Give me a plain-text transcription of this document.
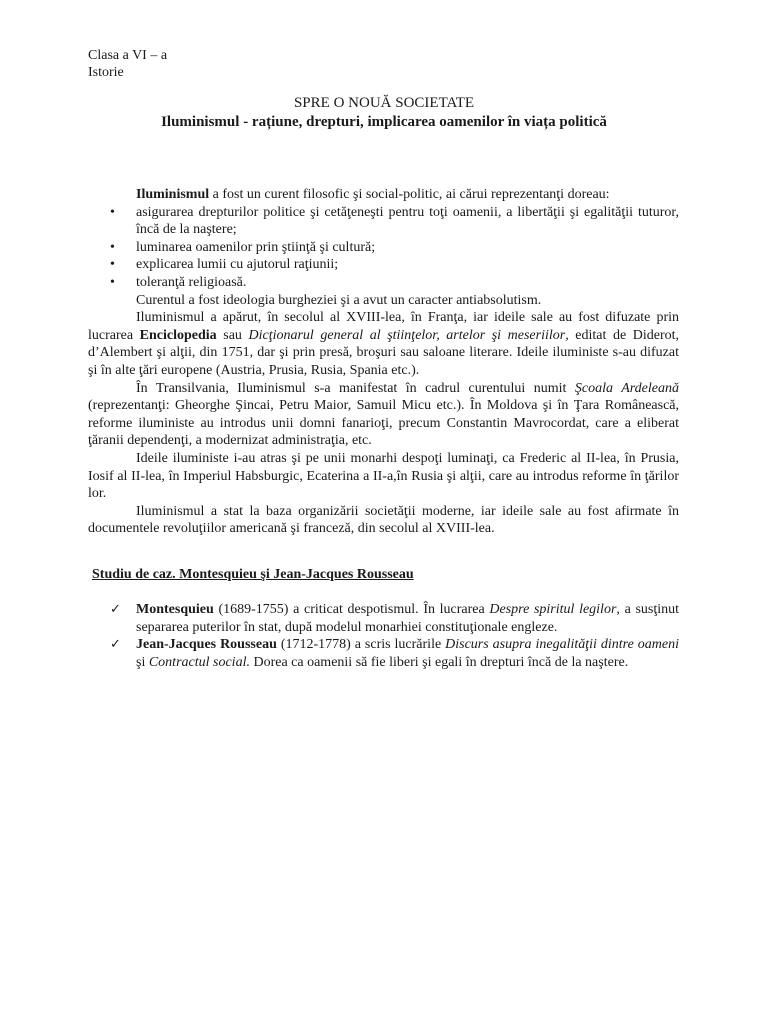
Clasa a VI – a
Istorie
SPRE O NOUĂ SOCIETATE
Iluminismul - rațiune, drepturi, implicarea oamenilor în viața politică

Iluminismul a fost un curent filosofic şi social-politic, ai cărui reprezentanţi doreau:

• asigurarea drepturilor politice şi cetăţeneşti pentru toţi oamenii, a libertăţii şi egalităţii tuturor, încă de la naştere;
• luminarea oamenilor prin ştiinţă şi cultură;
• explicarea lumii cu ajutorul raţiunii;
• toleranţă religioasă.

Curentul a fost ideologia burgheziei şi a avut un caracter antiabsolutism.

Iluminismul a apărut, în secolul al XVIII-lea, în Franţa, iar ideile sale au fost difuzate prin lucrarea Enciclopedia sau Dicţionarul general al ştiinţelor, artelor şi meseriilor, editat de Diderot, d’Alembert şi alţii, din 1751, dar şi prin presă, broşuri sau saloane literare. Ideile iluministe s-au difuzat şi în alte ţări europene (Austria, Prusia, Rusia, Spania etc.).

În Transilvania, Iluminismul s-a manifestat în cadrul curentului numit Şcoala Ardeleană (reprezentanţi: Gheorghe Şincai, Petru Maior, Samuil Micu etc.). În Moldova şi în Ţara Românească, reforme iluministe au introdus unii domni fanarioţi, precum Constantin Mavrocordat, care a eliberat ţăranii dependenţi, a modernizat administraţia, etc.

Ideile iluministe i-au atras şi pe unii monarhi despoţi luminaţi, ca Frederic al II-lea, în Prusia, Iosif al II-lea, în Imperiul Habsburgic, Ecaterina a II-a,în Rusia şi alţii, care au introdus reforme în ţărilor lor.

Iluminismul a stat la baza organizării societăţii moderne, iar ideile sale au fost afirmate în documentele revoluţiilor americană şi franceză, din secolul al XVIII-lea.

Studiu de caz. Montesquieu şi Jean-Jacques Rousseau

✓ Montesquieu (1689-1755) a criticat despotismul. În lucrarea Despre spiritul legilor, a susţinut separarea puterilor în stat, după modelul monarhiei constituţionale engleze.

✓ Jean-Jacques Rousseau (1712-1778) a scris lucrările Discurs asupra inegalităţii dintre oameni şi Contractul social. Dorea ca oamenii să fie liberi şi egali în drepturi încă de la naştere.
